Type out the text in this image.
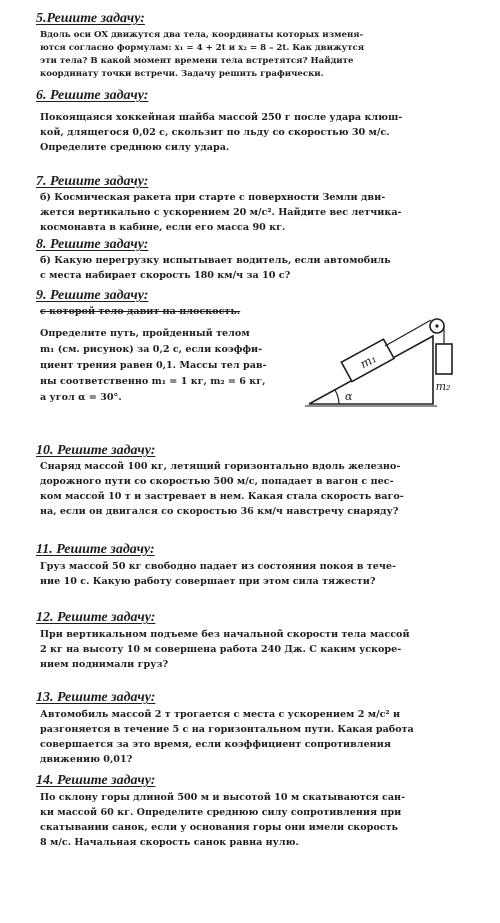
5.Решите задачу:
Вдоль оси ОХ движутся два тела, координаты которых изменя-
ются согласно формулам: x₁ = 4 + 2t и x₂ = 8 – 2t. Как движутся
эти тела? В какой момент времени тела встретятся? Найдите
координату точки встречи. Задачу решить графически.
6. Решите задачу:
Покоящаяся хоккейная шайба массой 250 г после удара клюш-
кой, длящегося 0,02 с, скользит по льду со скоростью 30 м/с.
Определите среднюю силу удара.
7. Решите задачу:
б) Космическая ракета при старте с поверхности Земли дви-
жется вертикально с ускорением 20 м/с². Найдите вес летчика-
космонавта в кабине, если его масса 90 кг.
8. Решите задачу:
б) Какую перегрузку испытывает водитель, если автомобиль
с места набирает скорость 180 км/ч за 10 с?
9. Решите задачу:
с которой тело давит на плоскость.
Определите путь, пройденный телом
m₁ (см. рисунок) за 0,2 с, если коэффи-
циент трения равен 0,1. Массы тел рав-
ны соответственно m₁ = 1 кг, m₂ = 6 кг,
а угол α = 30°.
m₁
m₂
α
10. Решите задачу:
Снаряд массой 100 кг, летящий горизонтально вдоль железно-
дорожного пути со скоростью 500 м/с, попадает в вагон с пес-
ком массой 10 т и застревает в нем. Какая стала скорость ваго-
на, если он двигался со скоростью 36 км/ч навстречу снаряду?
11. Решите задачу:
Груз массой 50 кг свободно падает из состояния покоя в тече-
ние 10 с. Какую работу совершает при этом сила тяжести?
12. Решите задачу:
При вертикальном подъеме без начальной скорости тела массой
2 кг на высоту 10 м совершена работа 240 Дж. С каким ускоре-
нием поднимали груз?
13. Решите задачу:
Автомобиль массой 2 т трогается с места с ускорением 2 м/с² и
разгоняется в течение 5 с на горизонтальном пути. Какая работа
совершается за это время, если коэффициент сопротивления
движению 0,01?
14. Решите задачу:
По склону горы длиной 500 м и высотой 10 м скатываются сан-
ки массой 60 кг. Определите среднюю силу сопротивления при
скатывании санок, если у основания горы они имели скорость
8 м/с. Начальная скорость санок равна нулю.
